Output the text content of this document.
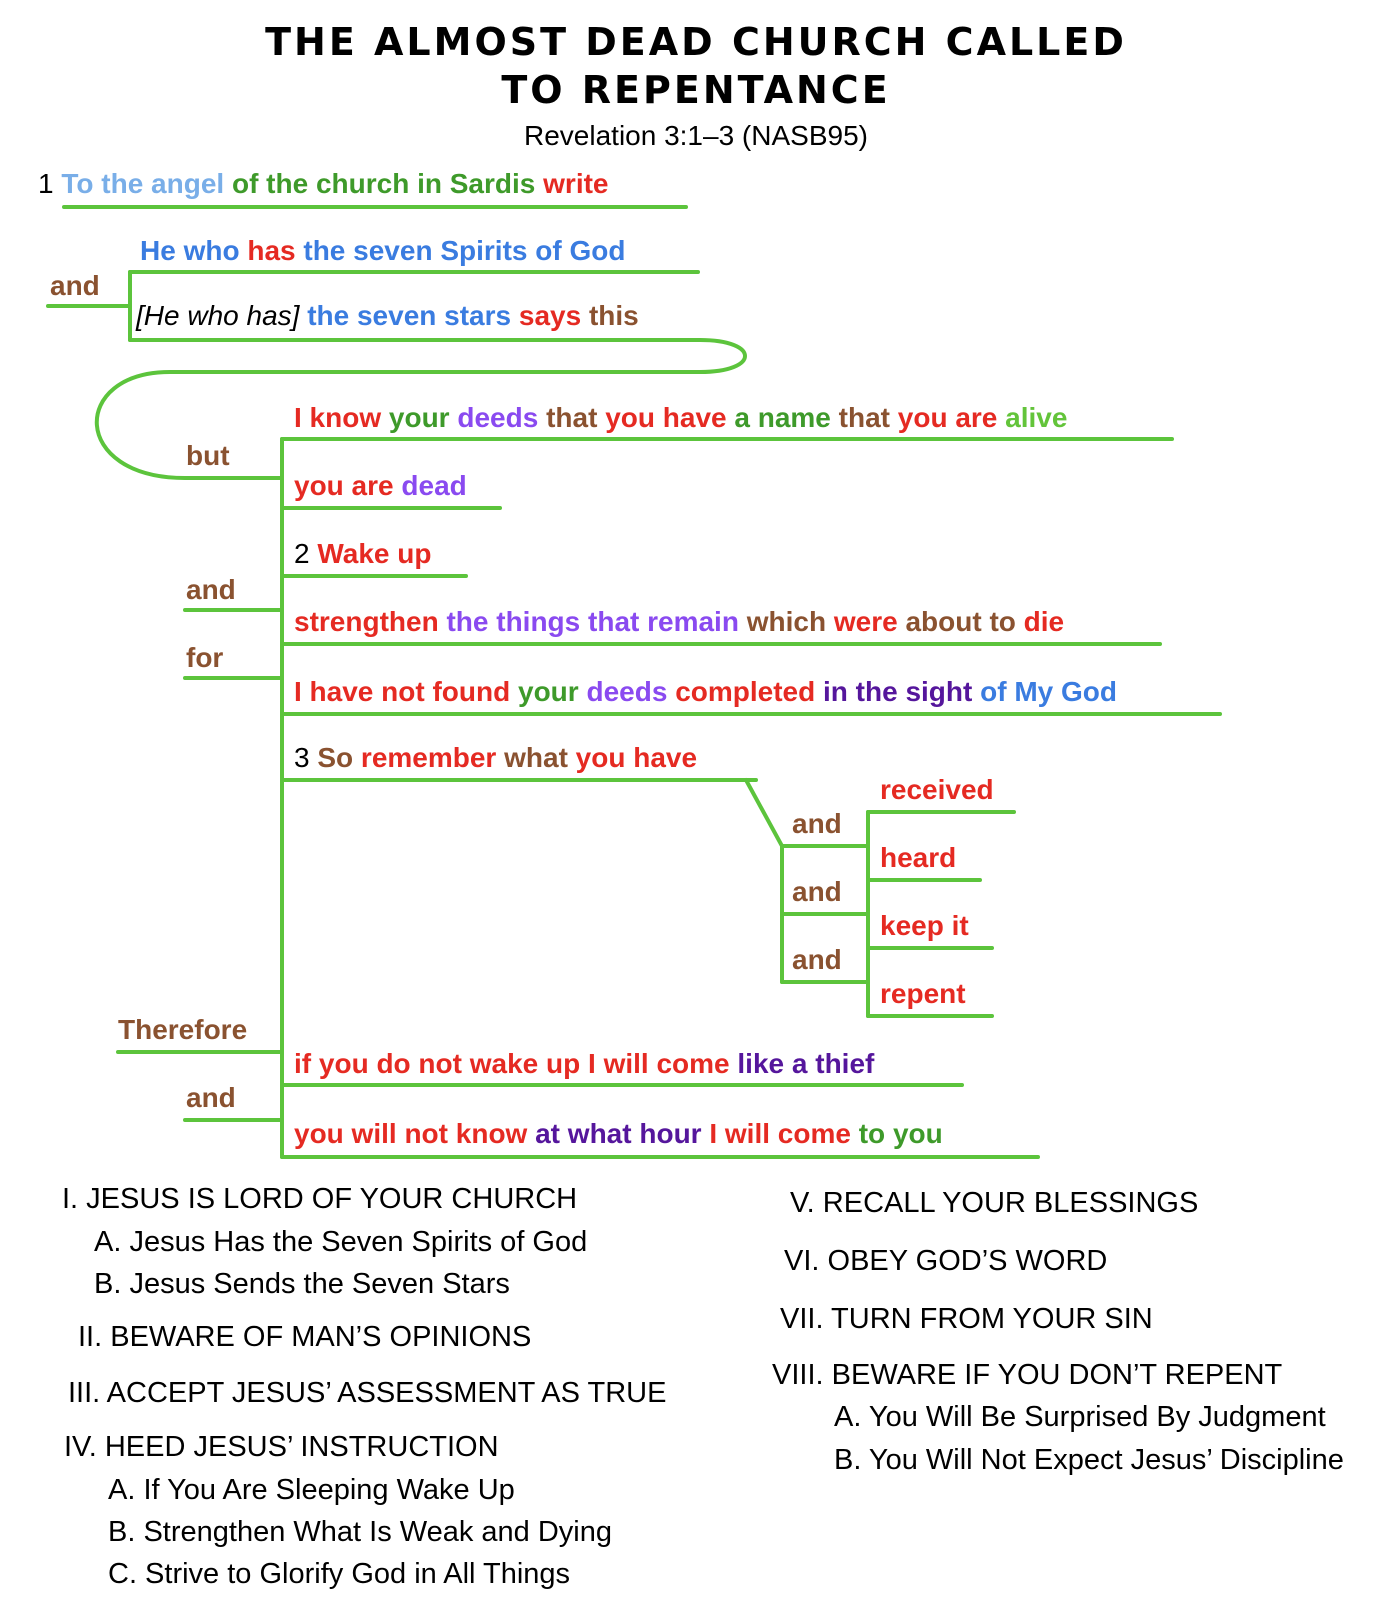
THE ALMOST DEAD CHURCH CALLED
TO REPENTANCE
Revelation 3:1–3 (NASB95)
1 To the angel of the church in Sardis write
He who has the seven Spirits of God
and
[He who has] the seven stars says this
I know your deeds that you have a name that you are alive
but
you are dead
2 Wake up
and
strengthen the things that remain which were about to die
for
I have not found your deeds completed in the sight of My God
3 So remember what you have
received
and
heard
and
keep it
and
repent
Therefore
if you do not wake up I will come like a thief
and
you will not know at what hour I will come to you
I. JESUS IS LORD OF YOUR CHURCH
A. Jesus Has the Seven Spirits of God
B. Jesus Sends the Seven Stars
II. BEWARE OF MAN’S OPINIONS
III. ACCEPT JESUS’ ASSESSMENT AS TRUE
IV. HEED JESUS’ INSTRUCTION
A. If You Are Sleeping Wake Up
B. Strengthen What Is Weak and Dying
C. Strive to Glorify God in All Things
V. RECALL YOUR BLESSINGS
VI. OBEY GOD’S WORD
VII. TURN FROM YOUR SIN
VIII. BEWARE IF YOU DON’T REPENT
A. You Will Be Surprised By Judgment
B. You Will Not Expect Jesus’ Discipline
